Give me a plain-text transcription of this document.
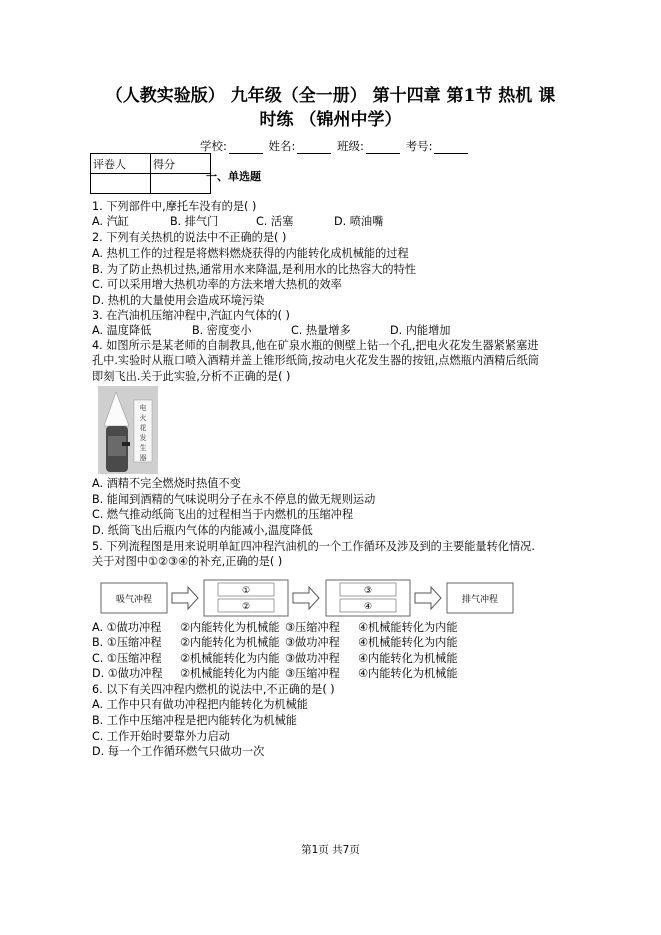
（人教实验版） 九年级（全一册） 第十四章 第1节 热机 课
时练 （锦州中学）
学校:	姓名:	班级:	考号:
评卷人	得分

一、单选题
1. 下列部件中,摩托车没有的是( )
A. 汽缸	B. 排气门	C. 活塞	D. 喷油嘴
2. 下列有关热机的说法中不正确的是( )
A. 热机工作的过程是将燃料燃烧获得的内能转化成机械能的过程
B. 为了防止热机过热,通常用水来降温,是利用水的比热容大的特性
C. 可以采用增大热机功率的方法来增大热机的效率
D. 热机的大量使用会造成环境污染
3. 在汽油机压缩冲程中,汽缸内气体的( )
A. 温度降低	B. 密度变小	C. 热量增多	D. 内能增加
4. 如图所示是某老师的自制教具,他在矿泉水瓶的侧壁上钻一个孔,把电火花发生器紧紧塞进
孔中.实验时从瓶口喷入酒精并盖上锥形纸筒,按动电火花发生器的按钮,点燃瓶内酒精后纸筒
即刻飞出.关于此实验,分析不正确的是( )
电
火
花
发
生
器
A. 酒精不完全燃烧时热值不变
B. 能闻到酒精的气味说明分子在永不停息的做无规则运动
C. 燃气推动纸筒飞出的过程相当于内燃机的压缩冲程
D. 纸筒飞出后瓶内气体的内能减小,温度降低
5. 下列流程图是用来说明单缸四冲程汽油机的一个工作循环及涉及到的主要能量转化情况.
关于对图中①②③④的补充,正确的是( )
吸气冲程
①
②
③
④
排气冲程
A. ①做功冲程 ②内能转化为机械能 ③压缩冲程 ④机械能转化为内能
B. ①压缩冲程 ②内能转化为机械能 ③做功冲程 ④机械能转化为内能
C. ①压缩冲程 ②机械能转化为内能 ③做功冲程 ④内能转化为机械能
D. ①做功冲程 ②机械能转化为内能 ③压缩冲程 ④内能转化为机械能
6. 以下有关四冲程内燃机的说法中,不正确的是( )
A. 工作中只有做功冲程把内能转化为机械能
B. 工作中压缩冲程是把内能转化为机械能
C. 工作开始时要靠外力启动
D. 每一个工作循环燃气只做功一次
第1页 共7页
